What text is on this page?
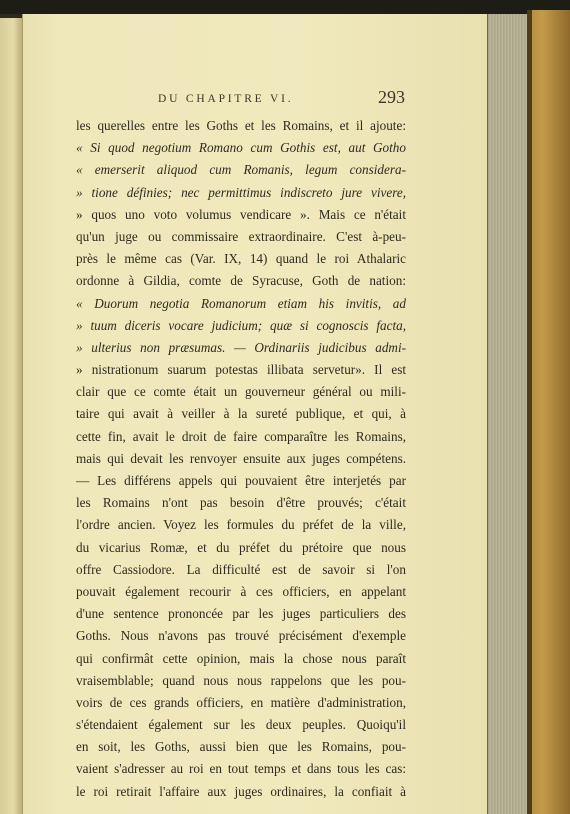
DU CHAPITRE VI.	293
les querelles entre les Goths et les Romains, et il ajoute:
« Si quod negotium Romano cum Gothis est, aut Gotho
« emerserit aliquod cum Romanis, legum considera-
» tione définies; nec permittimus indiscreto jure vivere,
» quos uno voto volumus vendicare ». Mais ce n'était
qu'un juge ou commissaire extraordinaire. C'est à-peu-
près le même cas (Var. IX, 14) quand le roi Athalaric
ordonne à Gildia, comte de Syracuse, Goth de nation:
« Duorum negotia Romanorum etiam his invitis, ad
» tuum diceris vocare judicium; quæ si cognoscis facta,
» ulterius non præsumas. — Ordinariis judicibus admi-
» nistrationum suarum potestas illibata servetur». Il est
clair que ce comte était un gouverneur général ou mili-
taire qui avait à veiller à la sureté publique, et qui, à
cette fin, avait le droit de faire comparaître les Romains,
mais qui devait les renvoyer ensuite aux juges compétens.
— Les différens appels qui pouvaient être interjetés par
les Romains n'ont pas besoin d'être prouvés; c'était
l'ordre ancien. Voyez les formules du préfet de la ville,
du vicarius Romæ, et du préfet du prétoire que nous
offre Cassiodore. La difficulté est de savoir si l'on
pouvait également recourir à ces officiers, en appelant
d'une sentence prononcée par les juges particuliers des
Goths. Nous n'avons pas trouvé précisément d'exemple
qui confirmât cette opinion, mais la chose nous paraît
vraisemblable; quand nous nous rappelons que les pou-
voirs de ces grands officiers, en matière d'administration,
s'étendaient également sur les deux peuples. Quoiqu'il
en soit, les Goths, aussi bien que les Romains, pou-
vaient s'adresser au roi en tout temps et dans tous les cas:
le roi retirait l'affaire aux juges ordinaires, la confiait à
